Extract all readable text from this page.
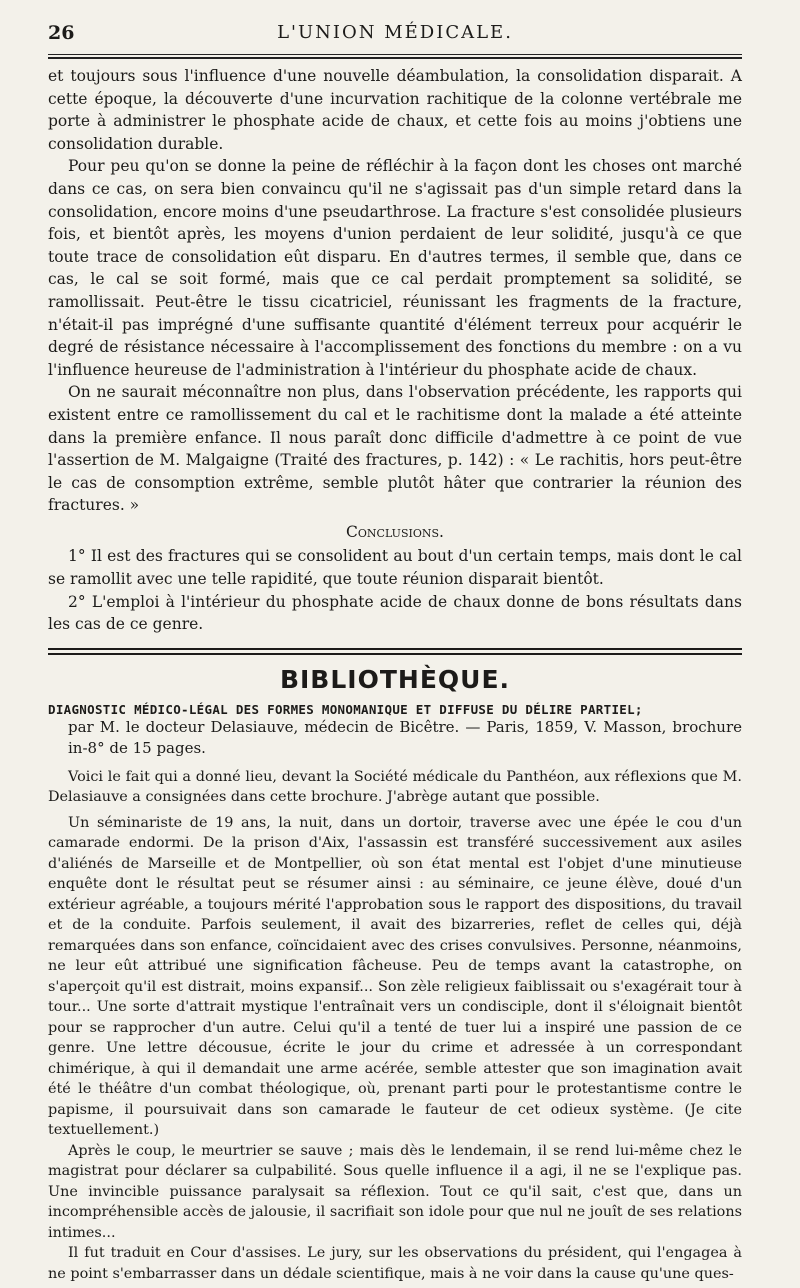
26	L'UNION MÉDICALE.

et toujours sous l'influence d'une nouvelle déambulation, la consolidation disparait. A cette époque, la découverte d'une incurvation rachitique de la colonne vertébrale me porte à administrer le phosphate acide de chaux, et cette fois au moins j'obtiens une consolidation durable.

Pour peu qu'on se donne la peine de réfléchir à la façon dont les choses ont marché dans ce cas, on sera bien convaincu qu'il ne s'agissait pas d'un simple retard dans la consolidation, encore moins d'une pseudarthrose. La fracture s'est consolidée plusieurs fois, et bientôt après, les moyens d'union perdaient de leur solidité, jusqu'à ce que toute trace de consolidation eût disparu. En d'autres termes, il semble que, dans ce cas, le cal se soit formé, mais que ce cal perdait promptement sa solidité, se ramollissait. Peut-être le tissu cicatriciel, réunissant les fragments de la fracture, n'était-il pas imprégné d'une suffisante quantité d'élément terreux pour acquérir le degré de résistance nécessaire à l'accomplissement des fonctions du membre : on a vu l'influence heureuse de l'administration à l'intérieur du phosphate acide de chaux.

On ne saurait méconnaître non plus, dans l'observation précédente, les rapports qui existent entre ce ramollissement du cal et le rachitisme dont la malade a été atteinte dans la première enfance. Il nous paraît donc difficile d'admettre à ce point de vue l'assertion de M. Malgaigne (Traité des fractures, p. 142) : « Le rachitis, hors peut-être le cas de consomption extrême, semble plutôt hâter que contrarier la réunion des fractures. »

Conclusions.

1° Il est des fractures qui se consolident au bout d'un certain temps, mais dont le cal se ramollit avec une telle rapidité, que toute réunion disparait bientôt.

2° L'emploi à l'intérieur du phosphate acide de chaux donne de bons résultats dans les cas de ce genre.

BIBLIOTHÈQUE.

DIAGNOSTIC MÉDICO-LÉGAL DES FORMES MONOMANIQUE ET DIFFUSE DU DÉLIRE PARTIEL;

par M. le docteur Delasiauve, médecin de Bicêtre. — Paris, 1859, V. Masson, brochure in-8° de 15 pages.

Voici le fait qui a donné lieu, devant la Société médicale du Panthéon, aux réflexions que M. Delasiauve a consignées dans cette brochure. J'abrège autant que possible.

Un séminariste de 19 ans, la nuit, dans un dortoir, traverse avec une épée le cou d'un camarade endormi. De la prison d'Aix, l'assassin est transféré successivement aux asiles d'aliénés de Marseille et de Montpellier, où son état mental est l'objet d'une minutieuse enquête dont le résultat peut se résumer ainsi : au séminaire, ce jeune élève, doué d'un extérieur agréable, a toujours mérité l'approbation sous le rapport des dispositions, du travail et de la conduite. Parfois seulement, il avait des bizarreries, reflet de celles qui, déjà remarquées dans son enfance, coïncidaient avec des crises convulsives. Personne, néanmoins, ne leur eût attribué une signification fâcheuse. Peu de temps avant la catastrophe, on s'aperçoit qu'il est distrait, moins expansif... Son zèle religieux faiblissait ou s'exagérait tour à tour... Une sorte d'attrait mystique l'entraînait vers un condisciple, dont il s'éloignait bientôt pour se rapprocher d'un autre. Celui qu'il a tenté de tuer lui a inspiré une passion de ce genre. Une lettre décousue, écrite le jour du crime et adressée à un correspondant chimérique, à qui il demandait une arme acérée, semble attester que son imagination avait été le théâtre d'un combat théologique, où, prenant parti pour le protestantisme contre le papisme, il poursuivait dans son camarade le fauteur de cet odieux système. (Je cite textuellement.)

Après le coup, le meurtrier se sauve ; mais dès le lendemain, il se rend lui-même chez le magistrat pour déclarer sa culpabilité. Sous quelle influence il a agi, il ne se l'explique pas. Une invincible puissance paralysait sa réflexion. Tout ce qu'il sait, c'est que, dans un incompréhensible accès de jalousie, il sacrifiait son idole pour que nul ne jouît de ses relations intimes...

Il fut traduit en Cour d'assises. Le jury, sur les observations du président, qui l'engagea à ne point s'embarrasser dans un dédale scientifique, mais à ne voir dans la cause qu'une ques-
